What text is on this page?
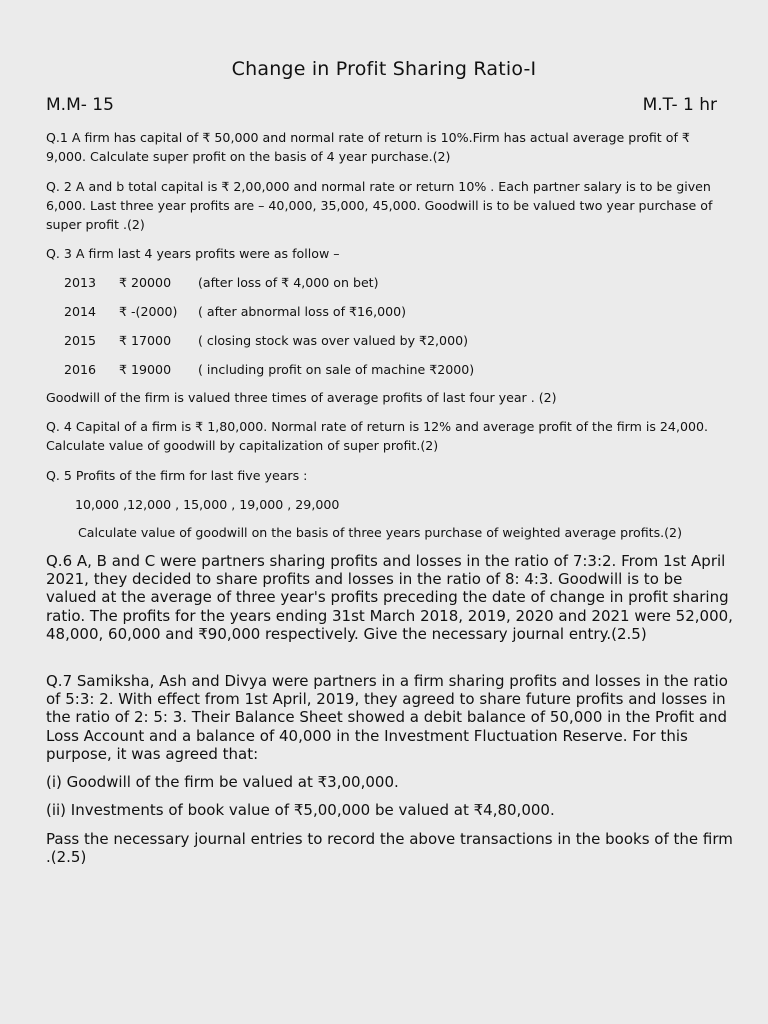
Change in Profit Sharing Ratio-I
M.M- 15	M.T- 1 hr
Q.1 A firm has capital of ₹ 50,000 and normal rate of return is 10%.Firm has actual average profit of ₹ 9,000. Calculate super profit on the basis of 4 year purchase.(2)
Q. 2 A and b total capital is ₹ 2,00,000 and normal rate or return 10% . Each partner salary is to be given 6,000. Last three year profits are – 40,000, 35,000, 45,000. Goodwill is to be valued two year purchase of super profit .(2)
Q. 3 A firm last 4 years profits were as follow –
2013 ₹ 20000 (after loss of ₹ 4,000 on bet)
2014 ₹ -(2000) ( after abnormal loss of ₹16,000)
2015 ₹ 17000 ( closing stock was over valued by ₹2,000)
2016 ₹ 19000 ( including profit on sale of machine ₹2000)
Goodwill of the firm is valued three times of average profits of last four year . (2)
Q. 4 Capital of a firm is ₹ 1,80,000. Normal rate of return is 12% and average profit of the firm is 24,000. Calculate value of goodwill by capitalization of super profit.(2)
Q. 5 Profits of the firm for last five years :
10,000 ,12,000 , 15,000 , 19,000 , 29,000
Calculate value of goodwill on the basis of three years purchase of weighted average profits.(2)
Q.6 A, B and C were partners sharing profits and losses in the ratio of 7:3:2. From 1st April 2021, they decided to share profits and losses in the ratio of 8: 4:3. Goodwill is to be valued at the average of three year's profits preceding the date of change in profit sharing ratio. The profits for the years ending 31st March 2018, 2019, 2020 and 2021 were 52,000, 48,000, 60,000 and ₹90,000 respectively. Give the necessary journal entry.(2.5)
Q.7 Samiksha, Ash and Divya were partners in a firm sharing profits and losses in the ratio of 5:3: 2. With effect from 1st April, 2019, they agreed to share future profits and losses in the ratio of 2: 5: 3. Their Balance Sheet showed a debit balance of 50,000 in the Profit and Loss Account and a balance of 40,000 in the Investment Fluctuation Reserve. For this purpose, it was agreed that:
(i) Goodwill of the firm be valued at ₹3,00,000.
(ii) Investments of book value of ₹5,00,000 be valued at ₹4,80,000.
Pass the necessary journal entries to record the above transactions in the books of the firm .(2.5)
